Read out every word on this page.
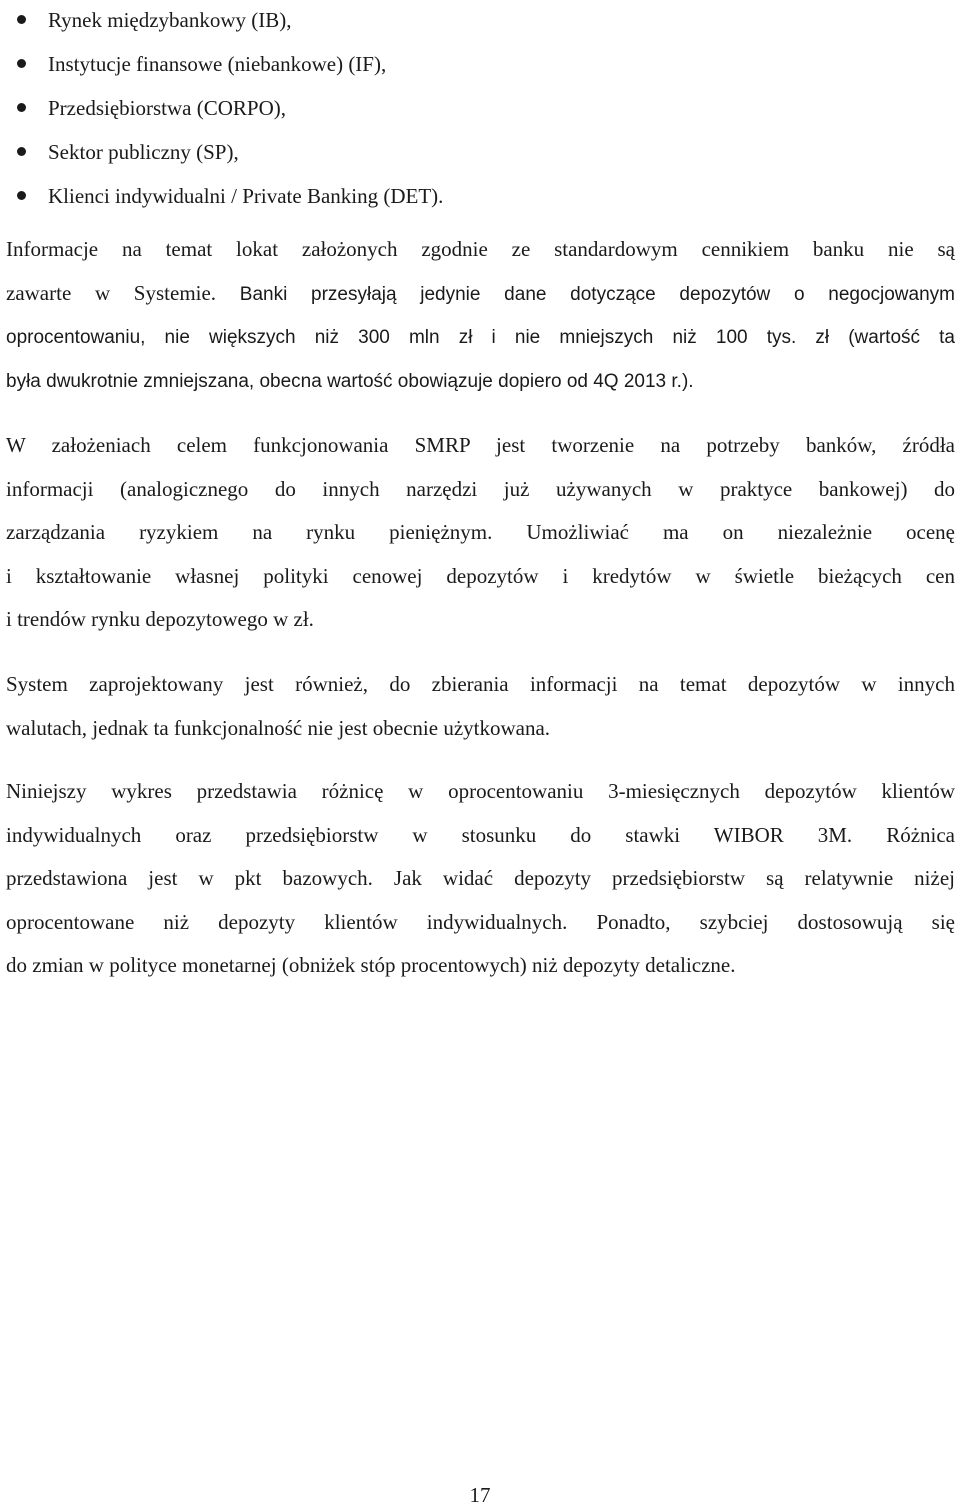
Rynek międzybankowy (IB),
Instytucje finansowe (niebankowe) (IF),
Przedsiębiorstwa (CORPO),
Sektor publiczny (SP),
Klienci indywidualni / Private Banking (DET).
Informacje na temat lokat założonych zgodnie ze standardowym cennikiem banku nie są
zawarte w Systemie. Banki przesyłają jedynie dane dotyczące depozytów o negocjowanym
oprocentowaniu, nie większych niż 300 mln zł i nie mniejszych niż 100 tys. zł (wartość ta
była dwukrotnie zmniejszana, obecna wartość obowiązuje dopiero od 4Q 2013 r.).
W założeniach celem funkcjonowania SMRP jest tworzenie na potrzeby banków, źródła
informacji (analogicznego do innych narzędzi już używanych w praktyce bankowej) do
zarządzania ryzykiem na rynku pieniężnym. Umożliwiać ma on niezależnie ocenę
i kształtowanie własnej polityki cenowej depozytów i kredytów w świetle bieżących cen
i trendów rynku depozytowego w zł.
System zaprojektowany jest również, do zbierania informacji na temat depozytów w innych
walutach, jednak ta funkcjonalność nie jest obecnie użytkowana.
Niniejszy wykres przedstawia różnicę w oprocentowaniu 3-miesięcznych depozytów klientów
indywidualnych oraz przedsiębiorstw w stosunku do stawki WIBOR 3M. Różnica
przedstawiona jest w pkt bazowych. Jak widać depozyty przedsiębiorstw są relatywnie niżej
oprocentowane niż depozyty klientów indywidualnych. Ponadto, szybciej dostosowują się
do zmian w polityce monetarnej (obniżek stóp procentowych) niż depozyty detaliczne.
17
